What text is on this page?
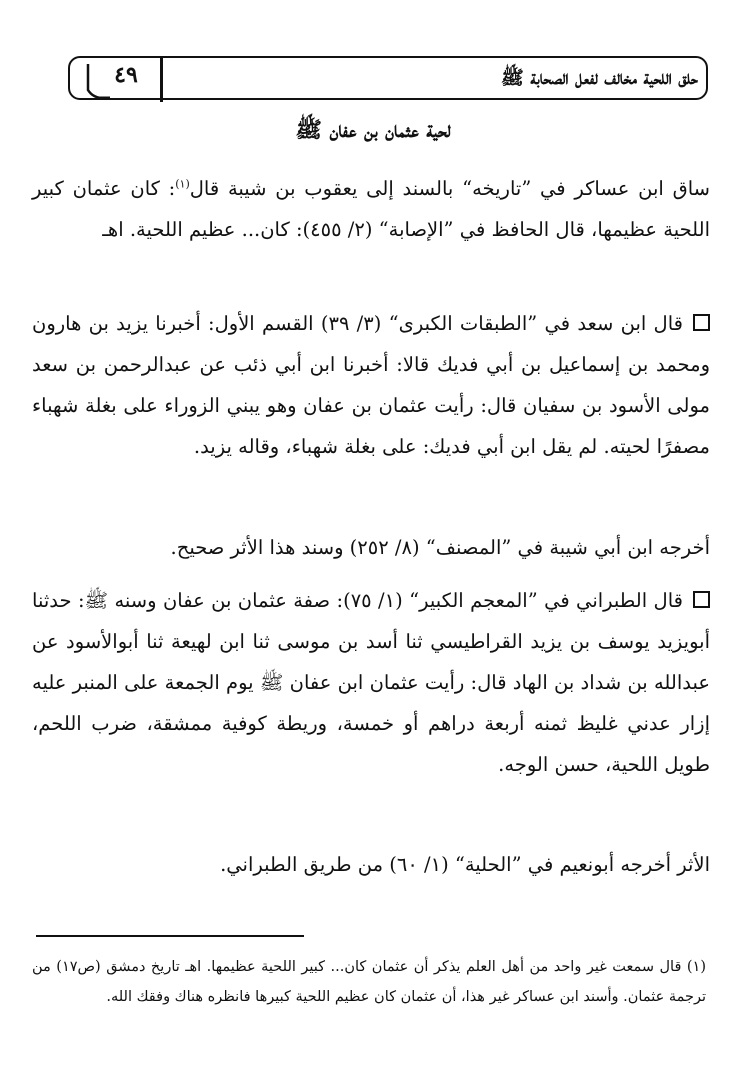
حلق اللحية مخالف لفعل الصحابة ﷺ
٤٩
لحية عثمان بن عفان ﷺ
ساق ابن عساكر في ”تاريخه“ بالسند إلى يعقوب بن شيبة قال$^{(١)}$: كان عثمان كبير اللحية عظيمها، قال الحافظ في ”الإصابة“ (٢/ ٤٥٥): كان... عظيم اللحية. اهـ
قال ابن سعد في ”الطبقات الكبرى“ (٣/ ٣٩) القسم الأول: أخبرنا يزيد بن هارون ومحمد بن إسماعيل بن أبي فديك قالا: أخبرنا ابن أبي ذئب عن عبدالرحمن بن سعد مولى الأسود بن سفيان قال: رأيت عثمان بن عفان وهو يبني الزوراء على بغلة شهباء مصفرًا لحيته. لم يقل ابن أبي فديك: على بغلة شهباء، وقاله يزيد.
أخرجه ابن أبي شيبة في ”المصنف“ (٨/ ٢٥٢) وسند هذا الأثر صحيح.
قال الطبراني في ”المعجم الكبير“ (١/ ٧٥): صفة عثمان بن عفان وسنه ﷺ: حدثنا أبويزيد يوسف بن يزيد القراطيسي ثنا أسد بن موسى ثنا ابن لهيعة ثنا أبوالأسود عن عبدالله بن شداد بن الهاد قال: رأيت عثمان ابن عفان ﷺ يوم الجمعة على المنبر عليه إزار عدني غليظ ثمنه أربعة دراهم أو خمسة، وريطة كوفية ممشقة، ضرب اللحم، طويل اللحية، حسن الوجه.
الأثر أخرجه أبونعيم في ”الحلية“ (١/ ٦٠) من طريق الطبراني.
(١) قال سمعت غير واحد من أهل العلم يذكر أن عثمان كان... كبير اللحية عظيمها. اهـ تاريخ دمشق (ص١٧) من ترجمة عثمان. وأسند ابن عساكر غير هذا، أن عثمان كان عظيم اللحية كبيرها فانظره هناك وفقك الله.
